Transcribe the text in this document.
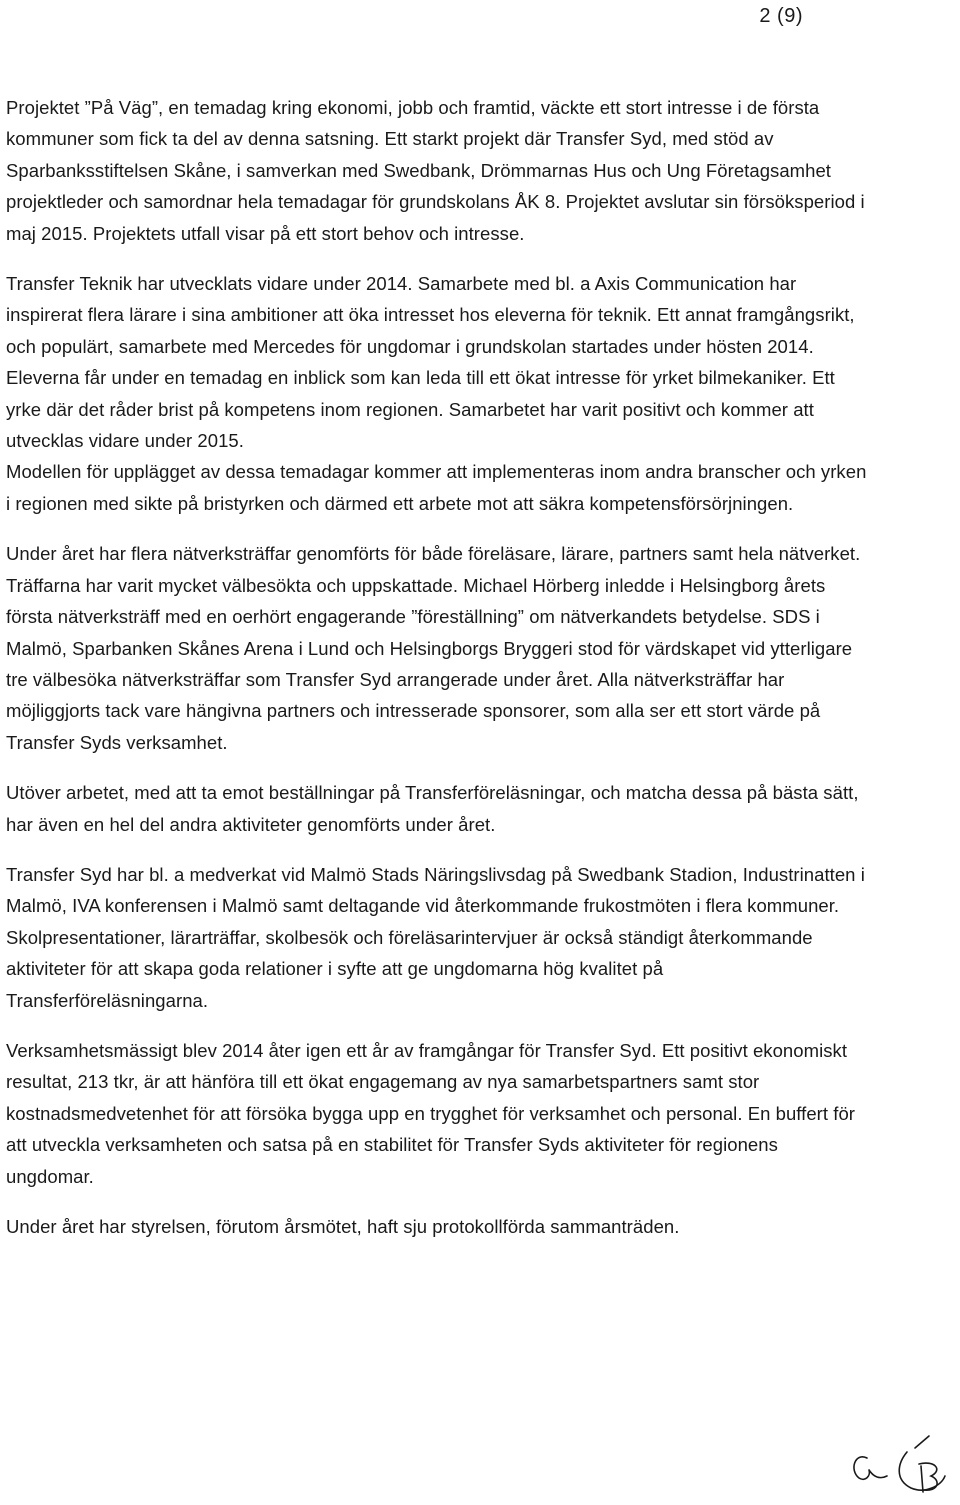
2 (9)

Projektet ”På Väg”, en temadag kring ekonomi, jobb och framtid, väckte ett stort intresse i de första kommuner som fick ta del av denna satsning. Ett starkt projekt där Transfer Syd, med stöd av Sparbanksstiftelsen Skåne, i samverkan med Swedbank, Drömmarnas Hus och Ung Företagsamhet projektleder och samordnar hela temadagar för grundskolans ÅK 8. Projektet avslutar sin försöksperiod i maj 2015. Projektets utfall visar på ett stort behov och intresse.

Transfer Teknik har utvecklats vidare under 2014. Samarbete med bl. a Axis Communication har inspirerat flera lärare i sina ambitioner att öka intresset hos eleverna för teknik. Ett annat framgångsrikt, och populärt, samarbete med Mercedes för ungdomar i grundskolan startades under hösten 2014. Eleverna får under en temadag en inblick som kan leda till ett ökat intresse för yrket bilmekaniker. Ett yrke där det råder brist på kompetens inom regionen. Samarbetet har varit positivt och kommer att utvecklas vidare under 2015.

Modellen för upplägget av dessa temadagar kommer att implementeras inom andra branscher och yrken i regionen med sikte på bristyrken och därmed ett arbete mot att säkra kompetensförsörjningen.

Under året har flera nätverksträffar genomförts för både föreläsare, lärare, partners samt hela nätverket. Träffarna har varit mycket välbesökta och uppskattade. Michael Hörberg inledde i Helsingborg årets första nätverksträff med en oerhört engagerande ”föreställning” om nätverkandets betydelse. SDS i Malmö, Sparbanken Skånes Arena i Lund och Helsingborgs Bryggeri stod för värdskapet vid ytterligare tre välbesöka nätverksträffar som Transfer Syd arrangerade under året. Alla nätverksträffar har möjliggjorts tack vare hängivna partners och intresserade sponsorer, som alla ser ett stort värde på Transfer Syds verksamhet.

Utöver arbetet, med att ta emot beställningar på Transferföreläsningar, och matcha dessa på bästa sätt, har även en hel del andra aktiviteter genomförts under året.

Transfer Syd har bl. a medverkat vid Malmö Stads Näringslivsdag på Swedbank Stadion, Industrinatten i Malmö, IVA konferensen i Malmö samt deltagande vid återkommande frukostmöten i flera kommuner. Skolpresentationer, lärarträffar, skolbesök och föreläsarintervjuer är också ständigt återkommande aktiviteter för att skapa goda relationer i syfte att ge ungdomarna hög kvalitet på Transferföreläsningarna.

Verksamhetsmässigt blev 2014 åter igen ett år av framgångar för Transfer Syd. Ett positivt ekonomiskt resultat, 213 tkr, är att hänföra till ett ökat engagemang av nya samarbetspartners samt stor kostnadsmedvetenhet för att försöka bygga upp en trygghet för verksamhet och personal. En buffert för att utveckla verksamheten och satsa på en stabilitet för Transfer Syds aktiviteter för regionens ungdomar.

Under året har styrelsen, förutom årsmötet, haft sju protokollförda sammanträden.
